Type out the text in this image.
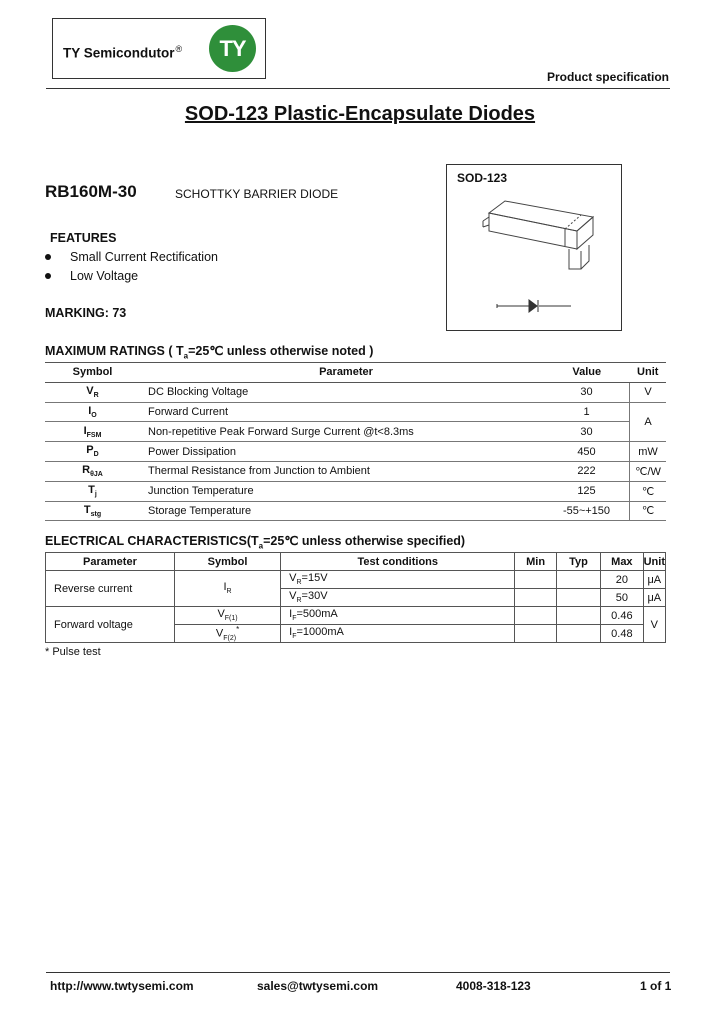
TY Semicondutor®	TY
Product specification
SOD-123 Plastic-Encapsulate Diodes
RB160M-30	SCHOTTKY BARRIER DIODE
FEATURES
Small Current Rectification
Low Voltage
MARKING: 73
SOD-123
MAXIMUM RATINGS ( $T_a=25℃$ unless otherwise noted )
Symbol	Parameter	Value	Unit
$V_R$	DC Blocking Voltage	30	V
$I_O$	Forward Current	1	A
$I_{FSM}$	Non-repetitive Peak Forward Surge Current @t<8.3ms	30	
$P_D$	Power Dissipation	450	mW
$R_{\theta JA}$	Thermal Resistance from Junction to Ambient	222	℃/W
$T_j$	Junction Temperature	125	℃
$T_{stg}$	Storage Temperature	-55~+150	℃
ELECTRICAL $CHARACTERISTICS(T_a=25℃$ unless otherwise specified)
Parameter	Symbol	Test conditions	Min	Typ	Max	Unit
Reverse current	$I_R$	$V_R=15V$			20	μA
		$V_R=30V$			50	μA
Forward voltage	$V_{F(1)}$	$I_F=500mA$			0.46	V
	$V_{F(2)}^*$	$I_F=1000mA$			0.48	
* Pulse test
http://www.twtysemi.com	sales@twtysemi.com	4008-318-123	1 of 1
